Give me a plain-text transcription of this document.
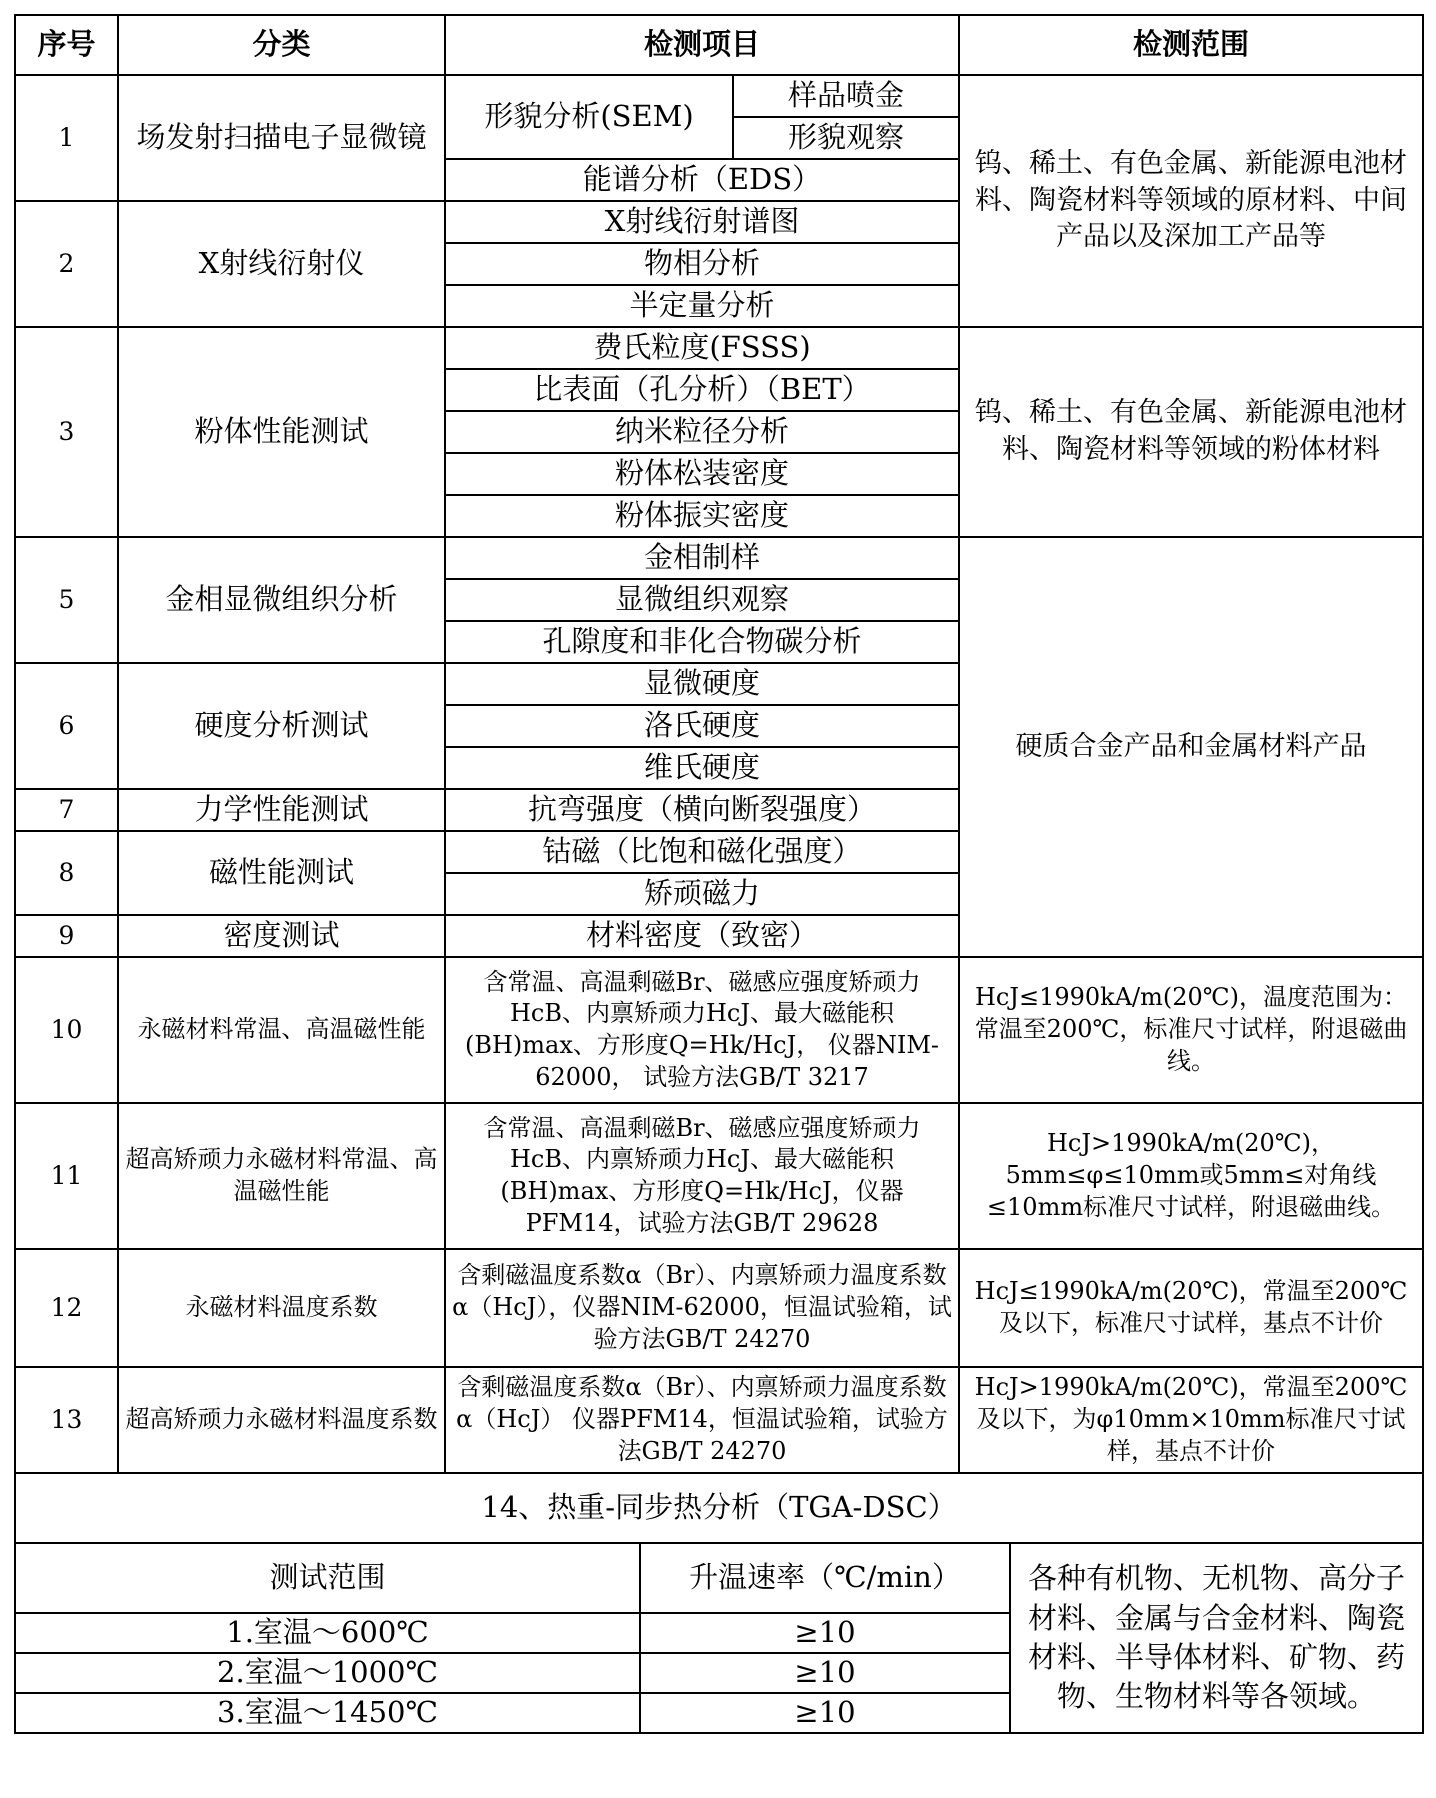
序号	分类	检测项目		检测范围
1	场发射扫描电子显微镜	形貌分析(SEM)	样品喷金	钨、稀土、有色金属、新能源电池材料、陶瓷材料等领域的原材料、中间产品以及深加工产品等
			形貌观察	
		能谱分析（EDS）		
2	X射线衍射仪	X射线衍射谱图		
		物相分析		
		半定量分析		
3	粉体性能测试	费氏粒度(FSSS)		钨、稀土、有色金属、新能源电池材料、陶瓷材料等领域的粉体材料
		比表面（孔分析）（BET）		
		纳米粒径分析		
		粉体松装密度		
		粉体振实密度		
5	金相显微组织分析	金相制样		硬质合金产品和金属材料产品
		显微组织观察		
		孔隙度和非化合物碳分析		
6	硬度分析测试	显微硬度		
		洛氏硬度		
		维氏硬度		
7	力学性能测试	抗弯强度（横向断裂强度）		
8	磁性能测试	钴磁（比饱和磁化强度）		
		矫顽磁力		
9	密度测试	材料密度（致密）		
10	永磁材料常温、高温磁性能	含常温、高温剩磁Br、磁感应强度矫顽力HcB、内禀矫顽力HcJ、最大磁能积(BH)max、方形度Q=Hk/HcJ， 仪器NIM-62000， 试验方法GB/T 3217		HcJ≤1990kA/m(20℃)，温度范围为：常温至200℃，标准尺寸试样，附退磁曲线。
11	超高矫顽力永磁材料常温、高温磁性能	含常温、高温剩磁Br、磁感应强度矫顽力HcB、内禀矫顽力HcJ、最大磁能积(BH)max、方形度Q=Hk/HcJ，仪器PFM14，试验方法GB/T 29628		HcJ>1990kA/m(20℃)，5mm≤φ≤10mm或5mm≤对角线≤10mm标准尺寸试样，附退磁曲线。
12	永磁材料温度系数	含剩磁温度系数α（Br）、内禀矫顽力温度系数α（HcJ），仪器NIM-62000，恒温试验箱，试验方法GB/T 24270		HcJ≤1990kA/m(20℃)，常温至200℃及以下，标准尺寸试样，基点不计价
13	超高矫顽力永磁材料温度系数	含剩磁温度系数α（Br）、内禀矫顽力温度系数α（HcJ） 仪器PFM14，恒温试验箱，试验方法GB/T 24270		HcJ>1990kA/m(20℃)，常温至200℃及以下，为φ10mm×10mm标准尺寸试样，基点不计价
14、热重-同步热分析（TGA-DSC）		
测试范围	升温速率（℃/min）	各种有机物、无机物、高分子材料、金属与合金材料、陶瓷材料、半导体材料、矿物、药物、生物材料等各领域。
1.室温～600℃	≥10	
2.室温～1000℃	≥10	
3.室温～1450℃	≥10	
